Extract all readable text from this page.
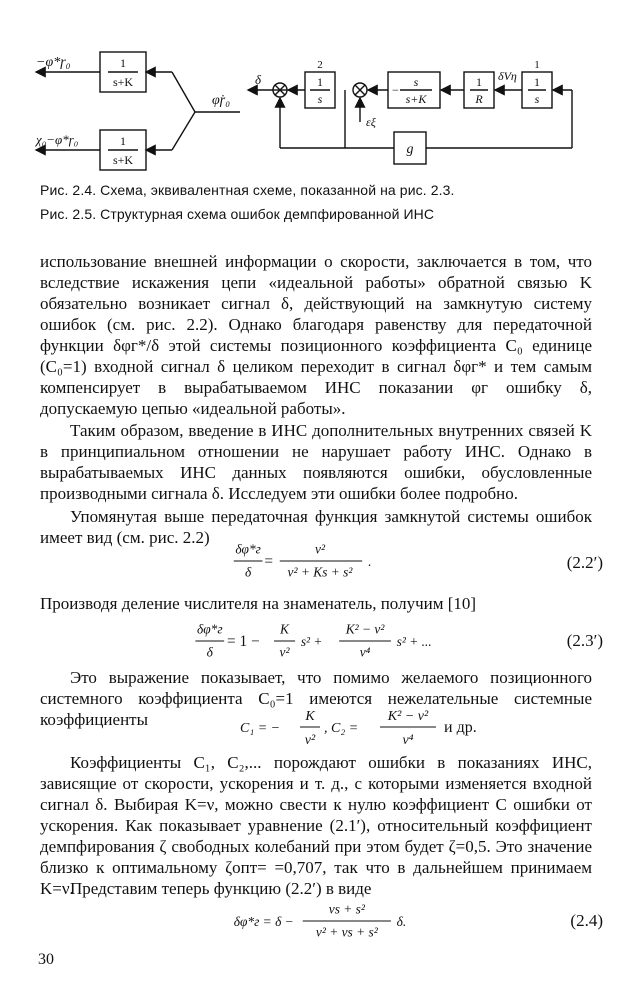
1
s+K
1
s+K
−φ*ɼ₀
χ₀−φ*ɼ₀
φ̇ɼ₀
δ
2
1
s
−
s
s+K
1
R
1
1
s
δVη
εξ
g
Рис. 2.4. Схема, эквивалентная схеме, показанной на рис. 2.3.
Рис. 2.5. Структурная схема ошибок демпфированной ИНС
использование внешней информации о скорости, заключается в том, что вследствие искажения цепи «идеальной работы» обратной связью K обязательно возникает сигнал δ, действующий на замкнутую систему ошибок (см. рис. 2.2). Однако благодаря равенству для передаточной функции δφг*/δ этой системы позиционного коэффициента C₀ единице (C₀=1) входной сигнал δ целиком переходит в сигнал δφг* и тем самым компенсирует в вырабатываемом ИНС показании φг ошибку δ, допускаемую цепью «идеальной работы».
Таким образом, введение в ИНС дополнительных внутренних связей K в принципиальном отношении не нарушает работу ИНС. Однако в вырабатываемых ИНС данных появляются ошибки, обусловленные производными сигнала δ. Исследуем эти ошибки более подробно.
Упомянутая выше передаточная функция замкнутой системы ошибок имеет вид (см. рис. 2.2)
δφ*г
δ
=
ν²
ν² + Ks + s²
.	(2.2′)
Производя деление числителя на знаменатель, получим [10]
δφ*г
δ
= 1 −
K
ν²
s² +
K² − ν²
ν⁴
s² + ...	(2.3′)
Это выражение показывает, что помимо желаемого позиционного системного коэффициента C₀=1 имеются нежелательные системные коэффициенты	C₁ = −
K
ν²
, C₂ =
K² − ν²
ν⁴
и др.
Коэффициенты C₁, C₂,... порождают ошибки в показаниях ИНС, зависящие от скорости, ускорения и т. д., с которыми изменяется входной сигнал δ. Выбирая K=ν, можно свести к нулю коэффициент C ошибки от ускорения. Как показывает уравнение (2.1′), относительный коэффициент демпфирования ζ свободных колебаний при этом будет ζ=0,5. Это значение близко к оптимальному ζопт= =0,707, так что в дальнейшем принимаем K=ν.
Представим теперь функцию (2.2′) в виде
δφ*г = δ −
νs + s²
ν² + νs + s²
δ.	(2.4)
30
